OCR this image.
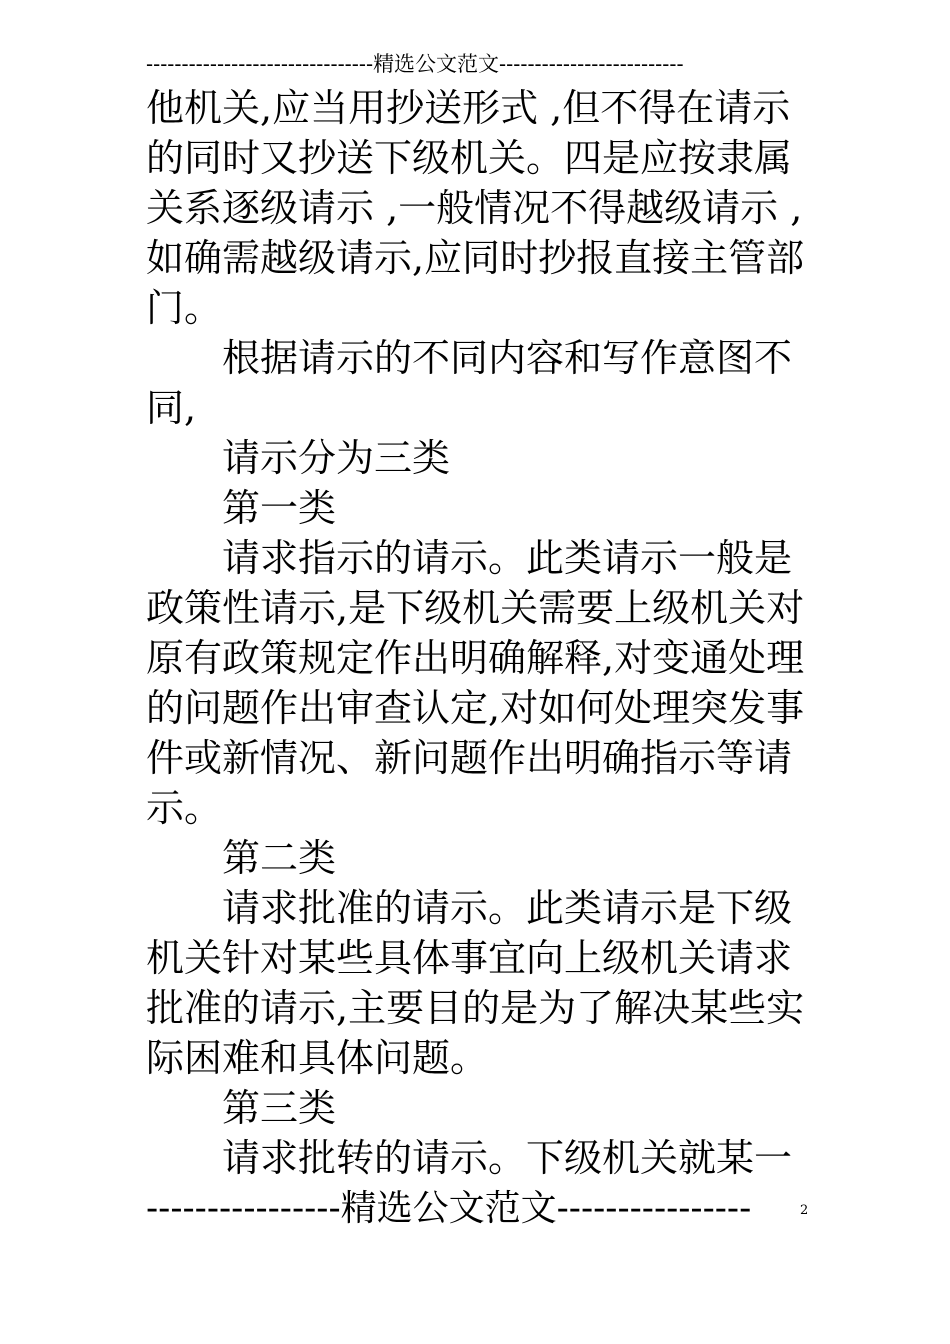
--------------------------------精选公文范文--------------------------
他机关,应当用抄送形式 ,但不得在请示
的同时又抄送下级机关。四是应按隶属
关系逐级请示 ,一般情况不得越级请示 ,
如确需越级请示,应同时抄报直接主管部
门。
根据请示的不同内容和写作意图不
同,
请示分为三类
第一类
请求指示的请示。此类请示一般是
政策性请示,是下级机关需要上级机关对
原有政策规定作出明确解释,对变通处理
的问题作出审查认定,对如何处理突发事
件或新情况、新问题作出明确指示等请
示。
第二类
请求批准的请示。此类请示是下级
机关针对某些具体事宜向上级机关请求
批准的请示,主要目的是为了解决某些实
际困难和具体问题。
第三类
请求批转的请示。下级机关就某一
----------------精选公文范文----------------	2
